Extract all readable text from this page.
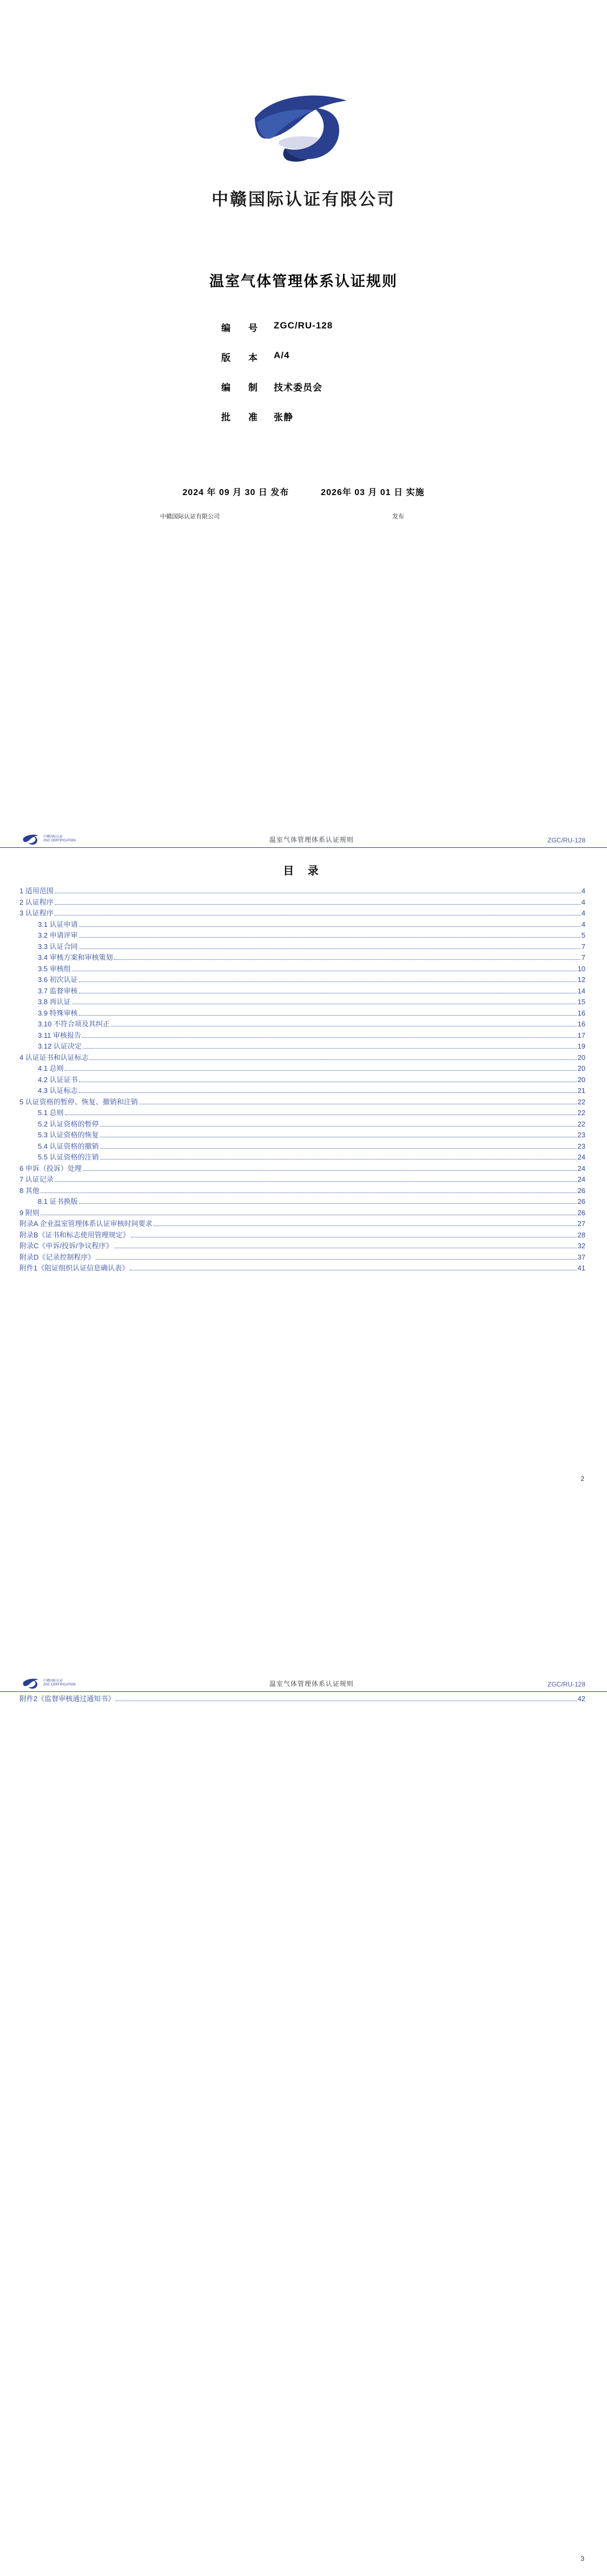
中赣国际认证有限公司
温室气体管理体系认证规则
编　号	ZGC/RU-128
版　本	A/4
编　制	技术委员会
批　准	张静
2024 年 09 月 30 日 发布	2026年 03 月 01 日 实施
中赣国际认证有限公司	发布
中赣国际认证
ZGC CERTIFICATION	温室气体管理体系认证规则	ZGC/RU-128
目 录
1 适用范围	4
2 认证程序	4
3 认证程序	4
3.1 认证申请	4
3.2 申请评审	5
3.3 认证合同	7
3.4 审核方案和审核策划	7
3.5 审核组	10
3.6 初次认证	12
3.7 监督审核	14
3.8 再认证	15
3.9 特殊审核	16
3.10 不符合项及其纠正	16
3.11 审核报告	17
3.12 认证决定	19
4 认证证书和认证标志	20
4.1 总则	20
4.2 认证证书	20
4.3 认证标志	21
5 认证资格的暂停、恢复、撤销和注销	22
5.1 总则	22
5.2 认证资格的暂停	22
5.3 认证资格的恢复	23
5.4 认证资格的撤销	23
5.5 认证资格的注销	24
6 申诉（投诉）处理	24
7 认证记录	24
8 其他	26
8.1 证书换版	26
9 附则	26
附录A 企业温室管理体系认证审核时间要求	27
附录B《证书和标志使用管理规定》	28
附录C《申诉/投诉/争议程序》	32
附录D《记录控制程序》	37
附件1《阻证组织认证信息确认表》	41
2
中赣国际认证
ZGC CERTIFICATION	温室气体管理体系认证规则	ZGC/RU-128
附件2《监督审核通过通知书》	42
3
